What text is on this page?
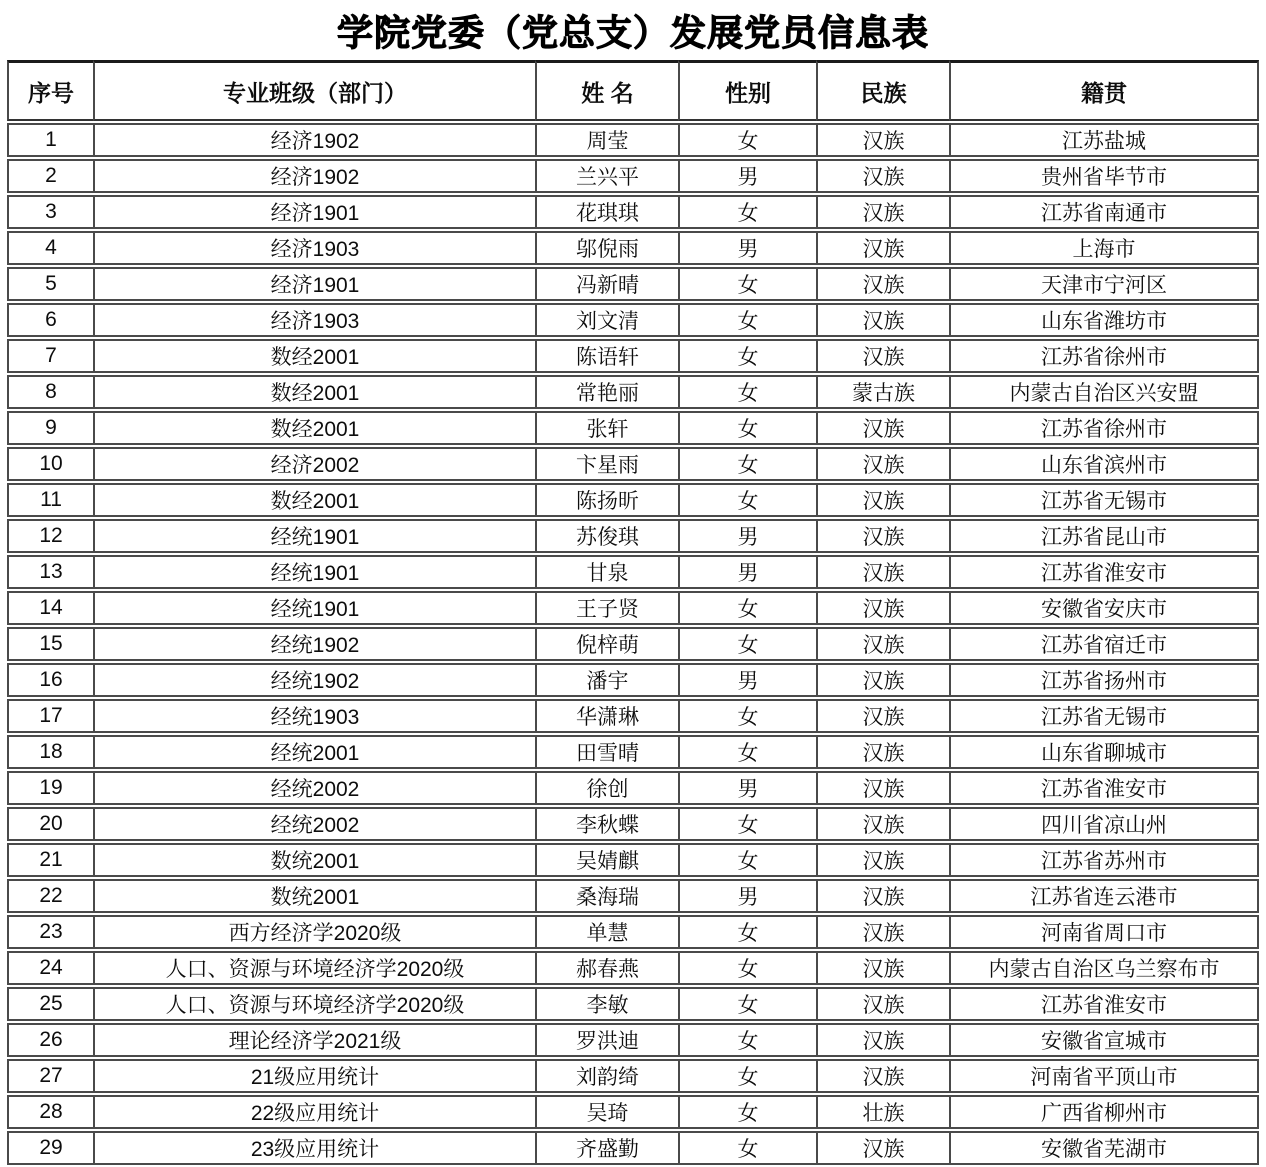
学院党委（党总支）发展党员信息表
序号	专业班级（部门）	姓 名	性别	民族	籍贯
1	经济1902	周莹	女	汉族	江苏盐城
2	经济1902	兰兴平	男	汉族	贵州省毕节市
3	经济1901	花琪琪	女	汉族	江苏省南通市
4	经济1903	邬倪雨	男	汉族	上海市
5	经济1901	冯新晴	女	汉族	天津市宁河区
6	经济1903	刘文清	女	汉族	山东省潍坊市
7	数经2001	陈语轩	女	汉族	江苏省徐州市
8	数经2001	常艳丽	女	蒙古族	内蒙古自治区兴安盟
9	数经2001	张轩	女	汉族	江苏省徐州市
10	经济2002	卞星雨	女	汉族	山东省滨州市
11	数经2001	陈扬昕	女	汉族	江苏省无锡市
12	经统1901	苏俊琪	男	汉族	江苏省昆山市
13	经统1901	甘泉	男	汉族	江苏省淮安市
14	经统1901	王子贤	女	汉族	安徽省安庆市
15	经统1902	倪梓萌	女	汉族	江苏省宿迁市
16	经统1902	潘宇	男	汉族	江苏省扬州市
17	经统1903	华潇琳	女	汉族	江苏省无锡市
18	经统2001	田雪晴	女	汉族	山东省聊城市
19	经统2002	徐创	男	汉族	江苏省淮安市
20	经统2002	李秋蝶	女	汉族	四川省凉山州
21	数统2001	吴婧麒	女	汉族	江苏省苏州市
22	数统2001	桑海瑞	男	汉族	江苏省连云港市
23	西方经济学2020级	单慧	女	汉族	河南省周口市
24	人口、资源与环境经济学2020级	郝春燕	女	汉族	内蒙古自治区乌兰察布市
25	人口、资源与环境经济学2020级	李敏	女	汉族	江苏省淮安市
26	理论经济学2021级	罗洪迪	女	汉族	安徽省宣城市
27	21级应用统计	刘韵绮	女	汉族	河南省平顶山市
28	22级应用统计	吴琦	女	壮族	广西省柳州市
29	23级应用统计	齐盛勤	女	汉族	安徽省芜湖市
